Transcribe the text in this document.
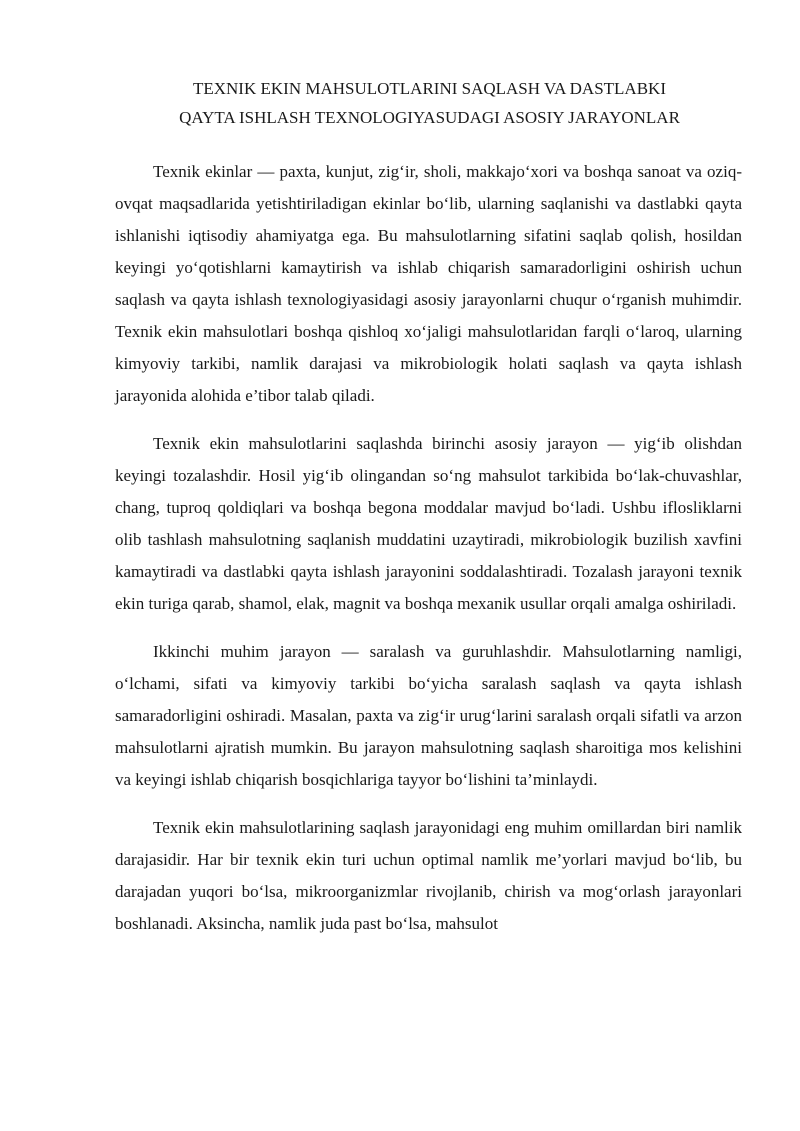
TEXNIK EKIN MAHSULOTLARINI SAQLASH VA DASTLABKI
QAYTA ISHLASH TEXNOLOGIYASUDAGI ASOSIY JARAYONLAR

Texnik ekinlar — paxta, kunjut, zig‘ir, sholi, makkajo‘xori va boshqa sanoat va oziq-ovqat maqsadlarida yetishtiriladigan ekinlar bo‘lib, ularning saqlanishi va dastlabki qayta ishlanishi iqtisodiy ahamiyatga ega. Bu mahsulotlarning sifatini saqlab qolish, hosildan keyingi yo‘qotishlarni kamaytirish va ishlab chiqarish samaradorligini oshirish uchun saqlash va qayta ishlash texnologiyasidagi asosiy jarayonlarni chuqur o‘rganish muhimdir. Texnik ekin mahsulotlari boshqa qishloq xo‘jaligi mahsulotlaridan farqli o‘laroq, ularning kimyoviy tarkibi, namlik darajasi va mikrobiologik holati saqlash va qayta ishlash jarayonida alohida e’tibor talab qiladi.

Texnik ekin mahsulotlarini saqlashda birinchi asosiy jarayon — yig‘ib olishdan keyingi tozalashdir. Hosil yig‘ib olingandan so‘ng mahsulot tarkibida bo‘lak-chuvashlar, chang, tuproq qoldiqlari va boshqa begona moddalar mavjud bo‘ladi. Ushbu iflosliklarni olib tashlash mahsulotning saqlanish muddatini uzaytiradi, mikrobiologik buzilish xavfini kamaytiradi va dastlabki qayta ishlash jarayonini soddalashtiradi. Tozalash jarayoni texnik ekin turiga qarab, shamol, elak, magnit va boshqa mexanik usullar orqali amalga oshiriladi.

Ikkinchi muhim jarayon — saralash va guruhlashdir. Mahsulotlarning namligi, o‘lchami, sifati va kimyoviy tarkibi bo‘yicha saralash saqlash va qayta ishlash samaradorligini oshiradi. Masalan, paxta va zig‘ir urug‘larini saralash orqali sifatli va arzon mahsulotlarni ajratish mumkin. Bu jarayon mahsulotning saqlash sharoitiga mos kelishini va keyingi ishlab chiqarish bosqichlariga tayyor bo‘lishini ta’minlaydi.

Texnik ekin mahsulotlarining saqlash jarayonidagi eng muhim omillardan biri namlik darajasidir. Har bir texnik ekin turi uchun optimal namlik me’yorlari mavjud bo‘lib, bu darajadan yuqori bo‘lsa, mikroorganizmlar rivojlanib, chirish va mog‘orlash jarayonlari boshlanadi. Aksincha, namlik juda past bo‘lsa, mahsulot
